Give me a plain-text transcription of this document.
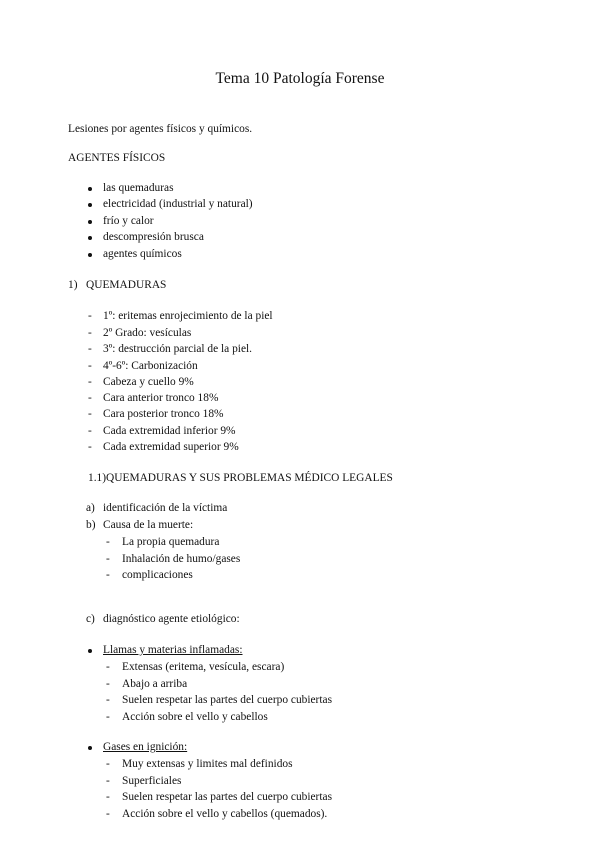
Tema 10 Patología Forense
Lesiones por agentes físicos y químicos.
AGENTES FÍSICOS
las quemaduras
electricidad (industrial y natural)
frío y calor
descompresión brusca
agentes químicos
1) QUEMADURAS
- 1º: eritemas enrojecimiento de la piel
- 2º Grado: vesículas
- 3º: destrucción parcial de la piel.
- 4º-6º: Carbonización
- Cabeza y cuello 9%
- Cara anterior tronco 18%
- Cara posterior tronco 18%
- Cada extremidad inferior 9%
- Cada extremidad superior 9%
1.1)QUEMADURAS Y SUS PROBLEMAS MÉDICO LEGALES
a) identificación de la víctima
b) Causa de la muerte:
- La propia quemadura
- Inhalación de humo/gases
- complicaciones
c) diagnóstico agente etiológico:
Llamas y materias inflamadas:
- Extensas (eritema, vesícula, escara)
- Abajo a arriba
- Suelen respetar las partes del cuerpo cubiertas
- Acción sobre el vello y cabellos
Gases en ignición:
- Muy extensas y limites mal definidos
- Superficiales
- Suelen respetar las partes del cuerpo cubiertas
- Acción sobre el vello y cabellos (quemados).
